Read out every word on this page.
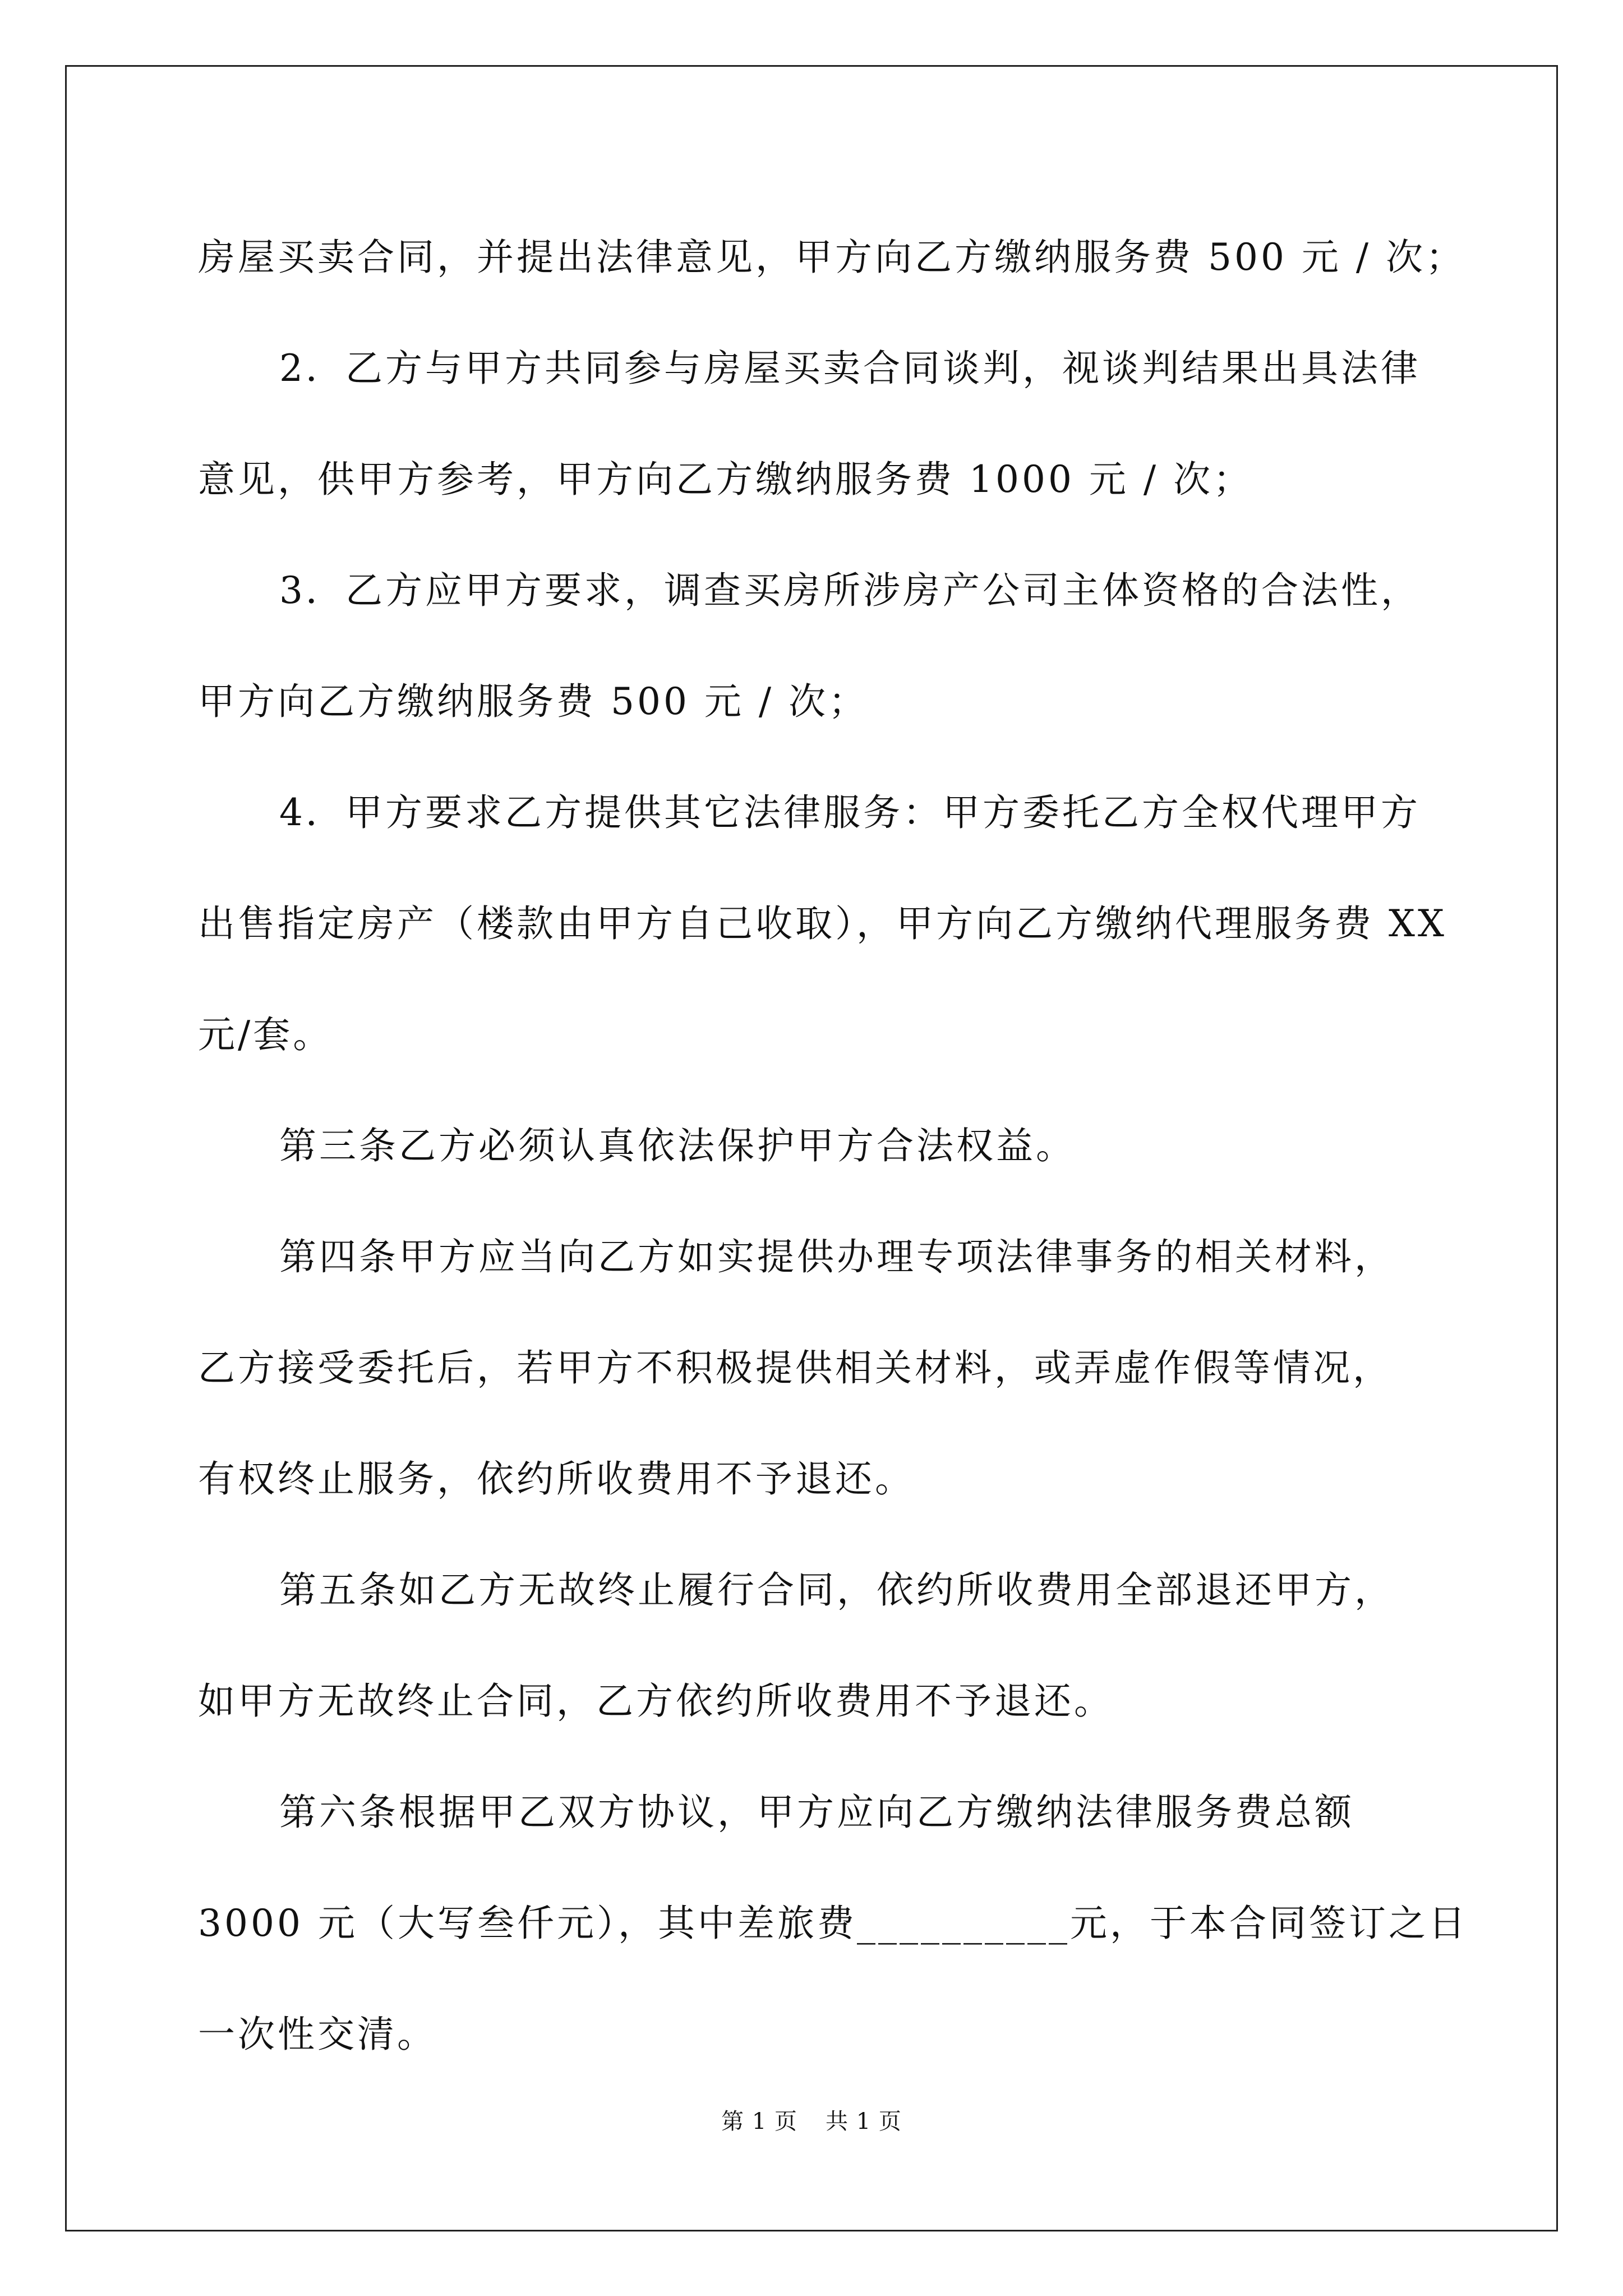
房屋买卖合同，并提出法律意见，甲方向乙方缴纳服务费 500 元 / 次；
2．乙方与甲方共同参与房屋买卖合同谈判，视谈判结果出具法律
意见，供甲方参考，甲方向乙方缴纳服务费 1000 元 / 次；
3．乙方应甲方要求，调查买房所涉房产公司主体资格的合法性，
甲方向乙方缴纳服务费 500 元 / 次；
4．甲方要求乙方提供其它法律服务：甲方委托乙方全权代理甲方
出售指定房产（楼款由甲方自己收取），甲方向乙方缴纳代理服务费 XX
元/套。
第三条乙方必须认真依法保护甲方合法权益。
第四条甲方应当向乙方如实提供办理专项法律事务的相关材料，
乙方接受委托后，若甲方不积极提供相关材料，或弄虚作假等情况，
有权终止服务，依约所收费用不予退还。
第五条如乙方无故终止履行合同，依约所收费用全部退还甲方，
如甲方无故终止合同，乙方依约所收费用不予退还。
第六条根据甲乙双方协议，甲方应向乙方缴纳法律服务费总额
3000 元（大写叁仟元），其中差旅费__________元，于本合同签订之日
一次性交清。
第 1 页 共 1 页
